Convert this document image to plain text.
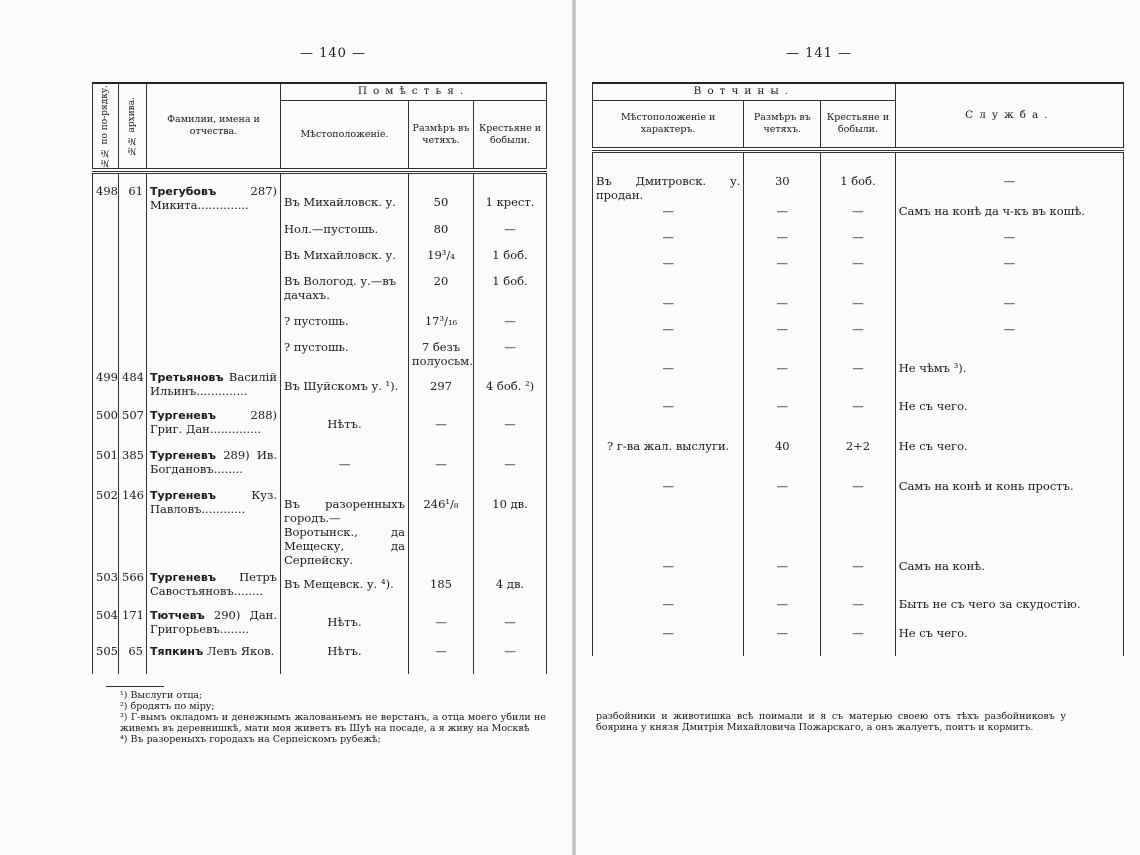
— 140 —
№№ по по-рядку.	№№ архива.	Фамилии, имена и отчества.	Помѣстья.		
			Мѣстоположеніе.	Размѣръ въ четяхъ.	Крестьяне и бобыли.

498	61	Трегубовъ 287) Микита..............	Въ Михайловск. у.	50	1 крест.
			Нол.—пустошь.	80	—
			Въ Михайловск. у.	19³/₄	1 боб.
			Въ Вологод. у.—въ дачахъ.	20	1 боб.
			? пустошь.	17³/₁₆	—
			? пустошь.	7 безъ полуосьм.	—
499	484	Третьяновъ Василій Ильинъ..............	Въ Шуйскомъ у. ¹).	297	4 боб. ²)
500	507	Тургеневъ 288) Григ. Дан..............	Нѣтъ.	—	—
501	385	Тургеневъ 289) Ив. Богдановъ........	—	—	—
502	146	Тургеневъ Куз. Павловъ............	Въ разоренныхъ городъ.— Воротынск., да Мещеску, да Серпейску.	246¹/₈	10 дв.
503	566	Тургеневъ Петръ Савостьяновъ........	Въ Мещевск. у. ⁴).	185	4 дв.
504	171	Тютчевъ 290) Дан. Григорьевъ........	Нѣтъ.	—	—
505	65	Тяпкинъ Левъ Яков.	Нѣтъ.	—	—

¹) Выслуги отца;

²) бродятъ по міру;

³) Г-вымъ окладомъ и денежнымъ жалованьемъ не верстанъ, а отца моего убили не живемъ въ деревнишкѣ, мати моя живетъ въ Шуѣ на посаде, а я живу на Москвѣ

⁴) Въ разореныхъ городахъ на Серпеiскомъ рубежѣ;

— 141 —
Вотчины.			Служба.
Мѣстоположеніе и характеръ.	Размѣръ въ четяхъ.	Крестьяне и бобыли.	

Въ Дмитровск. у. продан.	30	1 боб.	—
—	—	—	Самъ на конѣ да ч-къ въ кошѣ.
—	—	—	—
—	—	—	—
—	—	—	—
—	—	—	—
—	—	—	Не чѣмъ ³).
—	—	—	Не съ чего.
? г-ва жал. выслуги.	40	2+2	Не съ чего.
—	—	—	Самъ на конѣ и конь простъ.
—	—	—	Самъ на конѣ.
—	—	—	Быть не съ чего за скудостію.
—	—	—	Не съ чего.

разбойники и животишка всѣ поимали и я съ матерью своею отъ тѣхъ разбойниковъ у боярина у князя Дмитрія Михайловича Пожарскаго, а онъ жалуетъ, поитъ и кормитъ.
